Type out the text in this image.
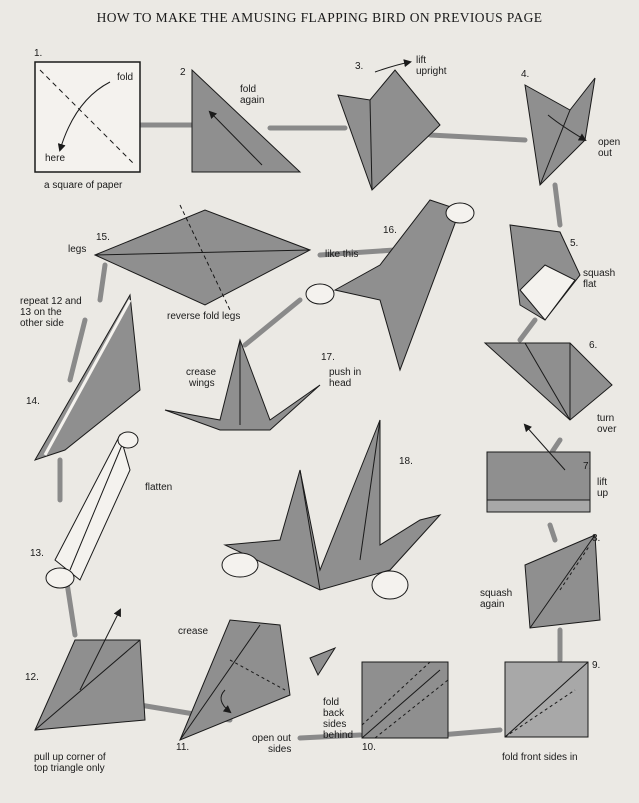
HOW TO MAKE THE AMUSING FLAPPING BIRD ON PREVIOUS PAGE
1.
2
3.
4.
5.
6.
7.
8.
9.
10.
11.
12.
13.
14.
15.
16.
17.
18.
fold
here
a square of paper
fold
again
lift
upright
open
out
squash
flat
turn
over
lift
up
squash
again
fold front sides in
fold
back
sides
behind
crease
open out
sides
pull up corner of
top triangle only
flatten
repeat 12 and
13 on the
other side
legs
reverse fold legs
like this
crease
wings
push in
head
